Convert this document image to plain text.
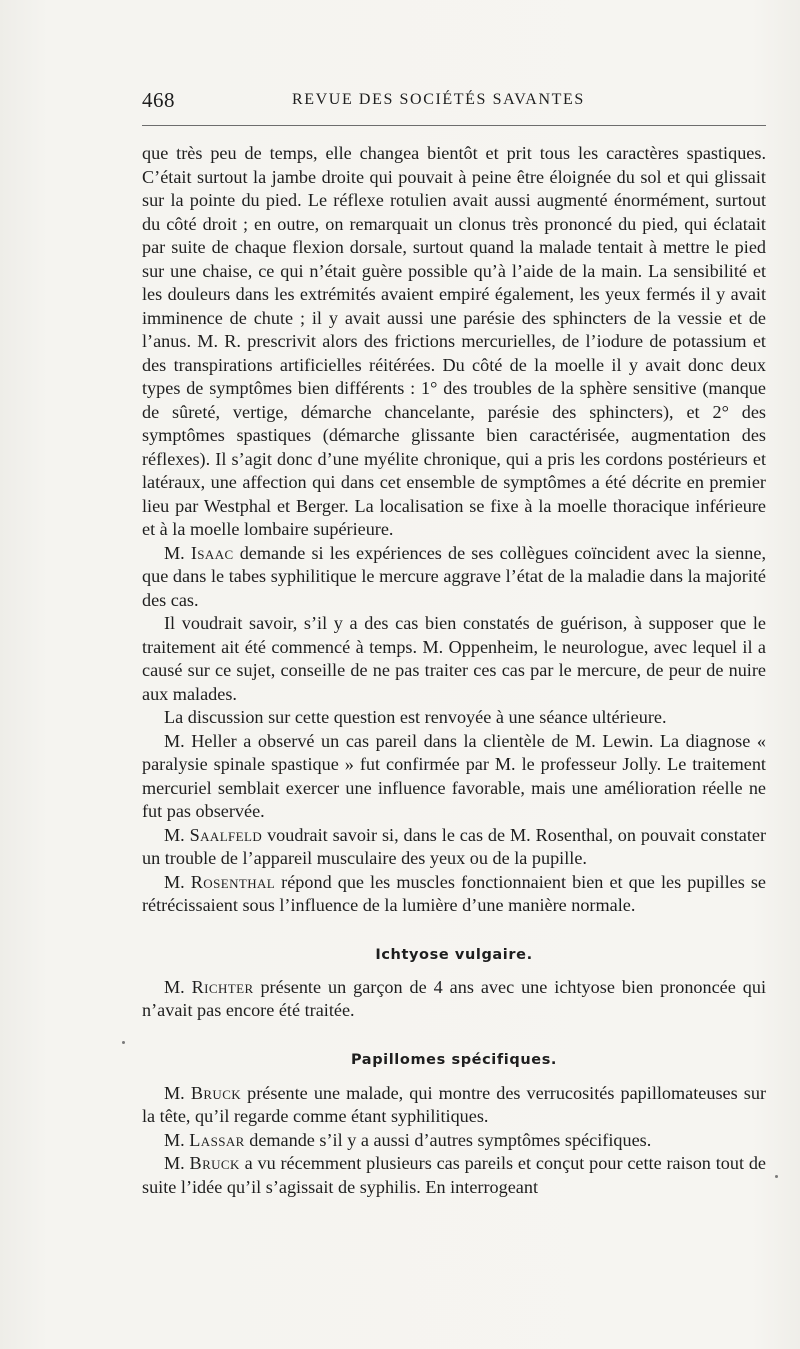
468	REVUE DES SOCIÉTÉS SAVANTES

que très peu de temps, elle changea bientôt et prit tous les caractères spastiques. C’était surtout la jambe droite qui pouvait à peine être éloignée du sol et qui glissait sur la pointe du pied. Le réflexe rotulien avait aussi augmenté énormément, surtout du côté droit ; en outre, on remarquait un clonus très prononcé du pied, qui éclatait par suite de chaque flexion dorsale, surtout quand la malade tentait à mettre le pied sur une chaise, ce qui n’était guère possible qu’à l’aide de la main. La sensibilité et les douleurs dans les extrémités avaient empiré également, les yeux fermés il y avait imminence de chute ; il y avait aussi une parésie des sphincters de la vessie et de l’anus. M. R. prescrivit alors des frictions mercurielles, de l’iodure de potassium et des transpirations artificielles réitérées. Du côté de la moelle il y avait donc deux types de symptômes bien différents : 1° des troubles de la sphère sensitive (manque de sûreté, vertige, démarche chancelante, parésie des sphincters), et 2° des symptômes spastiques (démarche glissante bien caractérisée, augmentation des réflexes). Il s’agit donc d’une myélite chronique, qui a pris les cordons postérieurs et latéraux, une affection qui dans cet ensemble de symptômes a été décrite en premier lieu par Westphal et Berger. La localisation se fixe à la moelle thoracique inférieure et à la moelle lombaire supérieure.

M. Isaac demande si les expériences de ses collègues coïncident avec la sienne, que dans le tabes syphilitique le mercure aggrave l’état de la maladie dans la majorité des cas.

Il voudrait savoir, s’il y a des cas bien constatés de guérison, à supposer que le traitement ait été commencé à temps. M. Oppenheim, le neurologue, avec lequel il a causé sur ce sujet, conseille de ne pas traiter ces cas par le mercure, de peur de nuire aux malades.

La discussion sur cette question est renvoyée à une séance ultérieure.

M. Heller a observé un cas pareil dans la clientèle de M. Lewin. La diagnose « paralysie spinale spastique » fut confirmée par M. le professeur Jolly. Le traitement mercuriel semblait exercer une influence favorable, mais une amélioration réelle ne fut pas observée.

M. Saalfeld voudrait savoir si, dans le cas de M. Rosenthal, on pouvait constater un trouble de l’appareil musculaire des yeux ou de la pupille.

M. Rosenthal répond que les muscles fonctionnaient bien et que les pupilles se rétrécissaient sous l’influence de la lumière d’une manière normale.

Ichtyose vulgaire.

M. Richter présente un garçon de 4 ans avec une ichtyose bien prononcée qui n’avait pas encore été traitée.

Papillomes spécifiques.

M. Bruck présente une malade, qui montre des verrucosités papillomateuses sur la tête, qu’il regarde comme étant syphilitiques.

M. Lassar demande s’il y a aussi d’autres symptômes spécifiques.

M. Bruck a vu récemment plusieurs cas pareils et conçut pour cette raison tout de suite l’idée qu’il s’agissait de syphilis. En interrogeant
